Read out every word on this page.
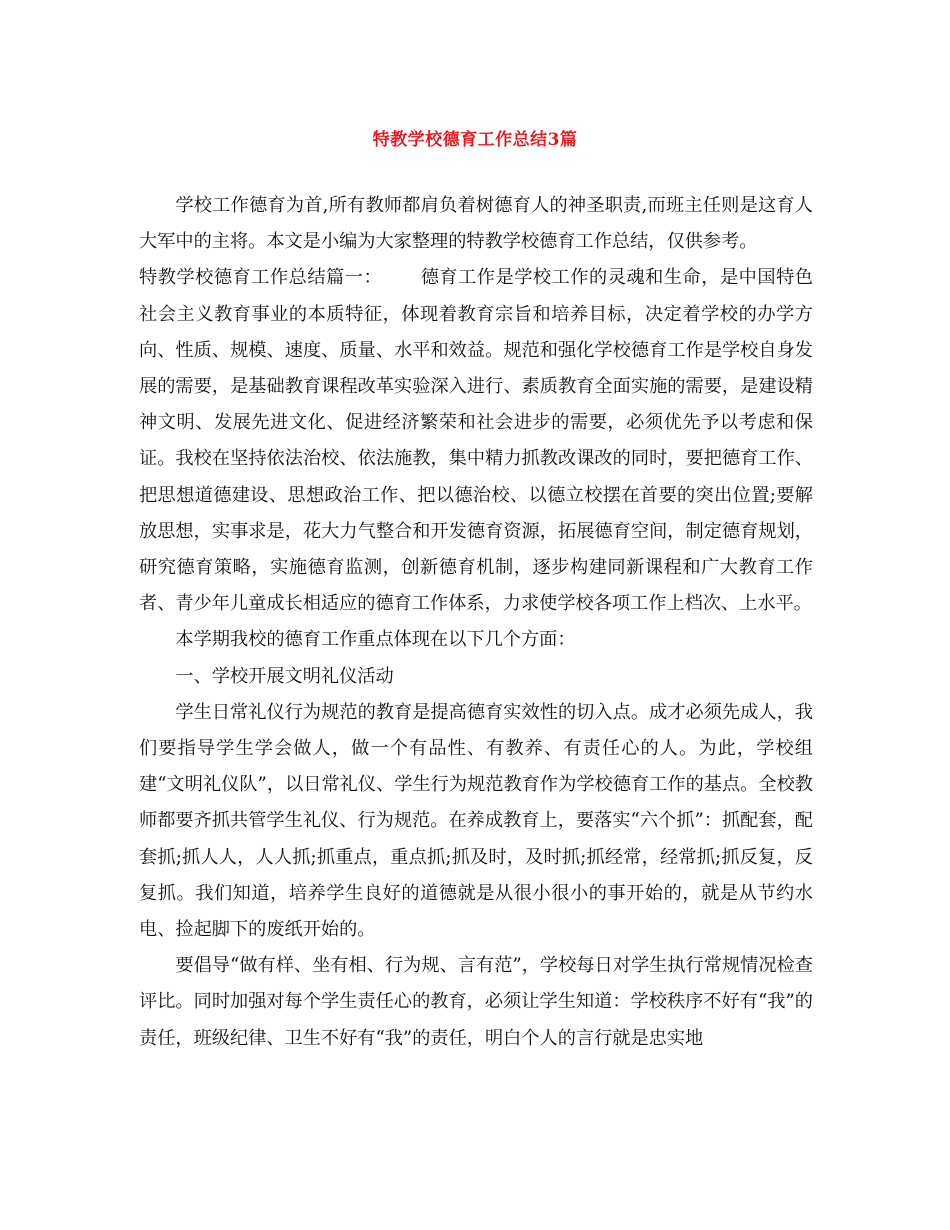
特教学校德育工作总结3篇

学校工作德育为首,所有教师都肩负着树德育人的神圣职责,而班主任则是这育人大军中的主将。本文是小编为大家整理的特教学校德育工作总结，仅供参考。

特教学校德育工作总结篇一： 德育工作是学校工作的灵魂和生命，是中国特色社会主义教育事业的本质特征，体现着教育宗旨和培养目标，决定着学校的办学方向、性质、规模、速度、质量、水平和效益。规范和强化学校德育工作是学校自身发展的需要，是基础教育课程改革实验深入进行、素质教育全面实施的需要，是建设精神文明、发展先进文化、促进经济繁荣和社会进步的需要，必须优先予以考虑和保证。我校在坚持依法治校、依法施教，集中精力抓教改课改的同时，要把德育工作、把思想道德建设、思想政治工作、把以德治校、以德立校摆在首要的突出位置;要解放思想，实事求是，花大力气整合和开发德育资源，拓展德育空间，制定德育规划，研究德育策略，实施德育监测，创新德育机制，逐步构建同新课程和广大教育工作者、青少年儿童成长相适应的德育工作体系，力求使学校各项工作上档次、上水平。

本学期我校的德育工作重点体现在以下几个方面：

一、学校开展文明礼仪活动

学生日常礼仪行为规范的教育是提高德育实效性的切入点。成才必须先成人，我们要指导学生学会做人，做一个有品性、有教养、有责任心的人。为此，学校组建“文明礼仪队”，以日常礼仪、学生行为规范教育作为学校德育工作的基点。全校教师都要齐抓共管学生礼仪、行为规范。在养成教育上，要落实“六个抓”：抓配套，配套抓;抓人人，人人抓;抓重点，重点抓;抓及时，及时抓;抓经常，经常抓;抓反复，反复抓。我们知道，培养学生良好的道德就是从很小很小的事开始的，就是从节约水电、捡起脚下的废纸开始的。

要倡导“做有样、坐有相、行为规、言有范”，学校每日对学生执行常规情况检查评比。同时加强对每个学生责任心的教育，必须让学生知道：学校秩序不好有“我”的责任，班级纪律、卫生不好有“我”的责任，明白个人的言行就是忠实地
